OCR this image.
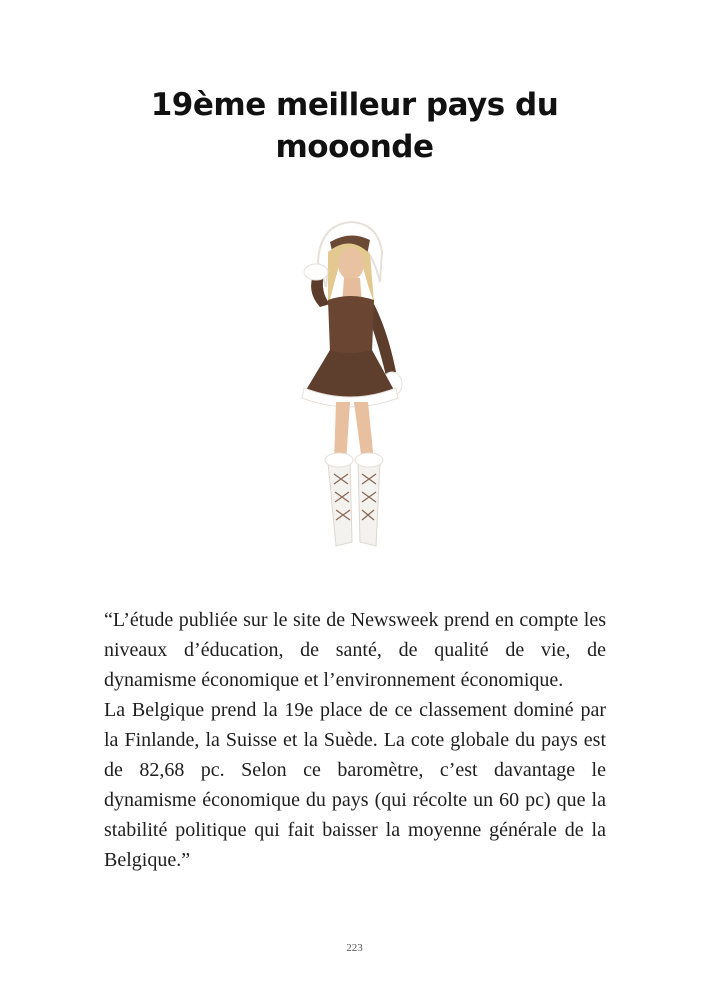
19ème meilleur pays du
mooonde

“L’étude publiée sur le site de Newsweek prend en compte les niveaux d’éducation, de santé, de qualité de vie, de dynamisme économique et l’environnement économique.

La Belgique prend la 19e place de ce classement dominé par la Finlande, la Suisse et la Suède. La cote globale du pays est de 82,68 pc. Selon ce baromètre, c’est davantage le dynamisme économique du pays (qui récolte un 60 pc) que la stabilité politique qui fait baisser la moyenne générale de la Belgique.”

223
